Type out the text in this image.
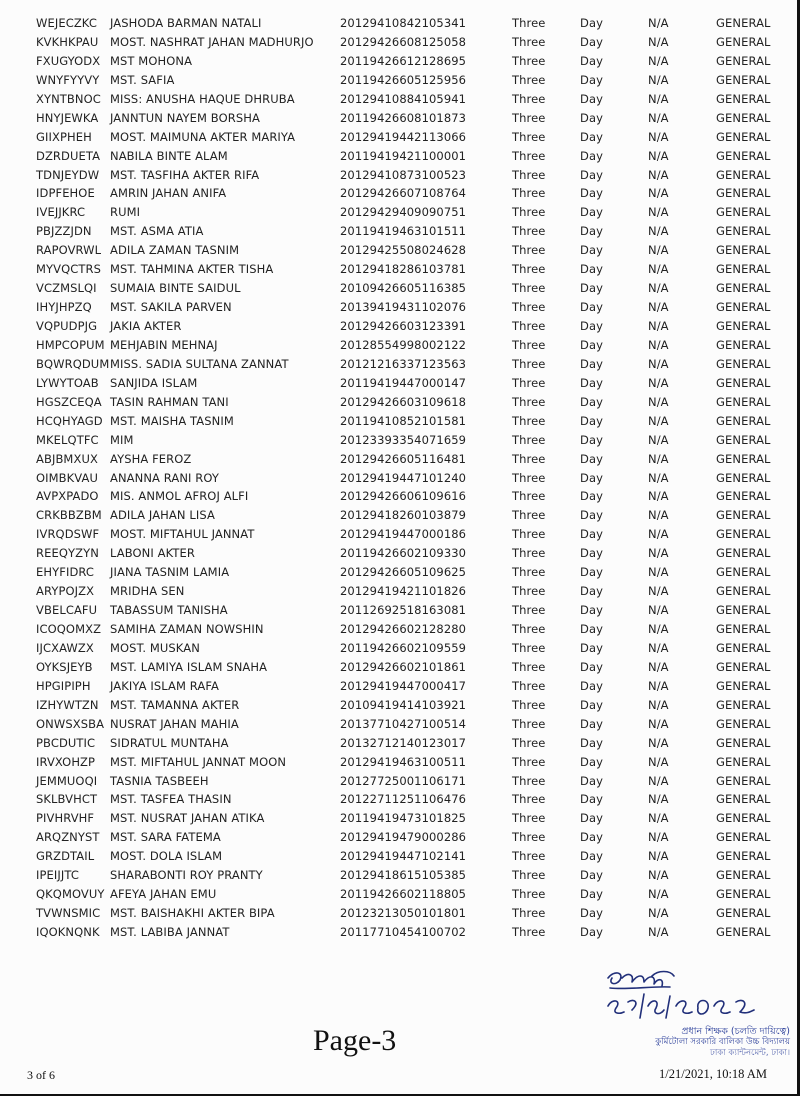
WEJECZKC JASHODA BARMAN NATALI	20129410842105341	Three	Day	N/A	GENERAL
KVKHKPAU MOST. NASHRAT JAHAN MADHURJO 20129426608125058	Three	Day	N/A	GENERAL
FXUGYODX MST MOHONA	20119426612128695	Three	Day	N/A	GENERAL
WNYFYYVY MST. SAFIA	20119426605125956	Three	Day	N/A	GENERAL
XYNTBNOC MISS: ANUSHA HAQUE DHRUBA	20129410884105941	Three	Day	N/A	GENERAL
HNYJEWKA JANNTUN NAYEM BORSHA	20119426608101873	Three	Day	N/A	GENERAL
GIIXPHEH MOST. MAIMUNA AKTER MARIYA	20129419442113066	Three	Day	N/A	GENERAL
DZRDUETA NABILA BINTE ALAM	20119419421100001	Three	Day	N/A	GENERAL
TDNJEYDW MST. TASFIHA AKTER RIFA	20129410873100523	Three	Day	N/A	GENERAL
IDPFEHOE AMRIN JAHAN ANIFA	20129426607108764	Three	Day	N/A	GENERAL
IVEJJKRC RUMI	20129429409090751	Three	Day	N/A	GENERAL
PBJZZJDN MST. ASMA ATIA	20119419463101511	Three	Day	N/A	GENERAL
RAPOVRWL ADILA ZAMAN TASNIM	20129425508024628	Three	Day	N/A	GENERAL
MYVQCTRS MST. TAHMINA AKTER TISHA	20129418286103781	Three	Day	N/A	GENERAL
VCZMSLQI SUMAIA BINTE SAIDUL	20109426605116385	Three	Day	N/A	GENERAL
IHYJHPZQ MST. SAKILA PARVEN	20139419431102076	Three	Day	N/A	GENERAL
VQPUDPJG JAKIA AKTER	20129426603123391	Three	Day	N/A	GENERAL
HMPCOPUM MEHJABIN MEHNAJ	20128554998002122	Three	Day	N/A	GENERAL
BQWRQDUM MISS. SADIA SULTANA ZANNAT	20121216337123563	Three	Day	N/A	GENERAL
LYWYTOAB SANJIDA ISLAM	20119419447000147	Three	Day	N/A	GENERAL
HGSZCEQA TASIN RAHMAN TANI	20129426603109618	Three	Day	N/A	GENERAL
HCQHYAGD MST. MAISHA TASNIM	20119410852101581	Three	Day	N/A	GENERAL
MKELQTFC MIM	20123393354071659	Three	Day	N/A	GENERAL
ABJBMXUX AYSHA FEROZ	20129426605116481	Three	Day	N/A	GENERAL
OIMBKVAU ANANNA RANI ROY	20129419447101240	Three	Day	N/A	GENERAL
AVPXPADO MIS. ANMOL AFROJ ALFI	20129426606109616	Three	Day	N/A	GENERAL
CRKBBZBM ADILA JAHAN LISA	20129418260103879	Three	Day	N/A	GENERAL
IVRQDSWF MOST. MIFTAHUL JANNAT	20129419447000186	Three	Day	N/A	GENERAL
REEQYZYN LABONI AKTER	20119426602109330	Three	Day	N/A	GENERAL
EHYFIDRC JIANA TASNIM LAMIA	20129426605109625	Three	Day	N/A	GENERAL
ARYPOJZX MRIDHA SEN	20129419421101826	Three	Day	N/A	GENERAL
VBELCAFU TABASSUM TANISHA	20112692518163081	Three	Day	N/A	GENERAL
ICOQOMXZ SAMIHA ZAMAN NOWSHIN	20129426602128280	Three	Day	N/A	GENERAL
IJCXAWZX MOST. MUSKAN	20119426602109559	Three	Day	N/A	GENERAL
OYKSJEYB MST. LAMIYA ISLAM SNAHA	20129426602101861	Three	Day	N/A	GENERAL
HPGIPIPH JAKIYA ISLAM RAFA	20129419447000417	Three	Day	N/A	GENERAL
IZHYWTZN MST. TAMANNA AKTER	20109419414103921	Three	Day	N/A	GENERAL
ONWSXSBA NUSRAT JAHAN MAHIA	20137710427100514	Three	Day	N/A	GENERAL
PBCDUTIC SIDRATUL MUNTAHA	20132712140123017	Three	Day	N/A	GENERAL
IRVXOHZP MST. MIFTAHUL JANNAT MOON	20129419463100511	Three	Day	N/A	GENERAL
JEMMUOQI TASNIA TASBEEH	20127725001106171	Three	Day	N/A	GENERAL
SKLBVHCT MST. TASFEA THASIN	20122711251106476	Three	Day	N/A	GENERAL
PIVHRVHF MST. NUSRAT JAHAN ATIKA	20119419473101825	Three	Day	N/A	GENERAL
ARQZNYST MST. SARA FATEMA	20129419479000286	Three	Day	N/A	GENERAL
GRZDTAIL MOST. DOLA ISLAM	20129419447102141	Three	Day	N/A	GENERAL
IPEIJJTC	SHARABONTI ROY PRANTY	20129418615105385	Three	Day	N/A	GENERAL
QKQMOVUY AFEYA JAHAN EMU	20119426602118805	Three	Day	N/A	GENERAL
TVWNSMIC MST. BAISHAKHI AKTER BIPA	20123213050101801	Three	Day	N/A	GENERAL
IQOKNQNK MST. LABIBA JANNAT	20117710454100702	Three	Day	N/A	GENERAL
প্রধান শিক্ষক (চলতি দায়িত্বে)
কুর্মিটোলা সরকারি বালিকা উচ্চ বিদ্যালয়
ঢাকা ক্যান্টনমেন্ট, ঢাকা।
Page-3
3 of 6	1/21/2021, 10:18 AM
